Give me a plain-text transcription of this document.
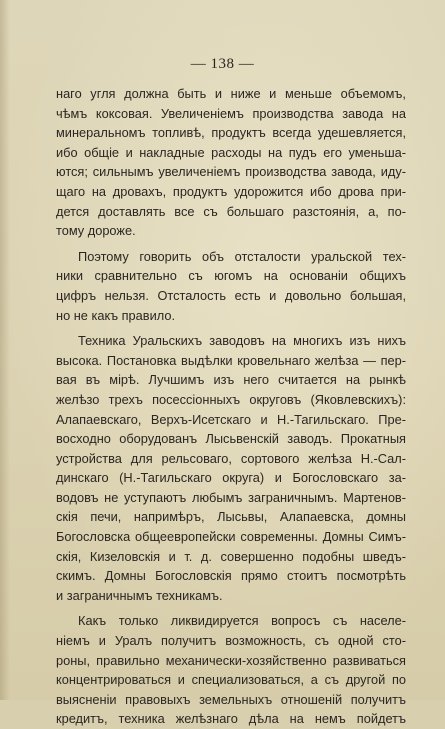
— 138 —

наго угля должна быть и ниже и меньше объемомъ,
чѣмъ коксовая. Увеличенiемъ производства завода на
минеральномъ топливѣ, продуктъ всегда удешевляется,
ибо общiе и накладные расходы на пудъ его уменьша-
ются; сильнымъ увеличенiемъ производства завода, иду-
щаго на дровахъ, продуктъ удорожится ибо дрова при-
дется доставлять все съ большаго разстоянiя, а, по-
тому дороже.

Поэтому говорить объ отсталости уральской тех-
ники сравнительно съ югомъ на основанiи общихъ
цифръ нельзя. Отсталость есть и довольно большая,
но не какъ правило.

Техника Уральскихъ заводовъ на многихъ изъ нихъ
высока. Постановка выдѣлки кровельнаго желѣза — пер-
вая въ мiрѣ. Лучшимъ изъ него считается на рынкѣ
желѣзо трехъ посессiонныхъ округовъ (Яковлевскихъ):
Алапаевскаго, Верхъ-Исетскаго и Н.-Тагильскаго. Пре-
восходно оборудованъ Лысьвенскiй заводъ. Прокатныя
устройства для рельсоваго, сортового желѣза Н.-Сал-
динскаго (Н.-Тагильскаго округа) и Богословскаго за-
водовъ не уступаютъ любымъ заграничнымъ. Мартенов-
скiя печи, напримѣръ, Лысьвы, Алапаевска, домны
Богословска общеевропейски современны. Домны Симъ-
скiя, Кизеловскiя и т. д. совершенно подобны шведъ-
скимъ. Домны Богословскiя прямо стоитъ посмотрѣть
и заграничнымъ техникамъ.

Какъ только ликвидируется вопросъ съ населе-
нiемъ и Уралъ получитъ возможность, съ одной сто-
роны, правильно механически-хозяйственно развиваться
концентрироваться и специализоваться, а съ другой по
выясненiи правовыхъ земельныхъ отношенiй получитъ
кредитъ, техника желѣзнаго дѣла на немъ пойдетъ
